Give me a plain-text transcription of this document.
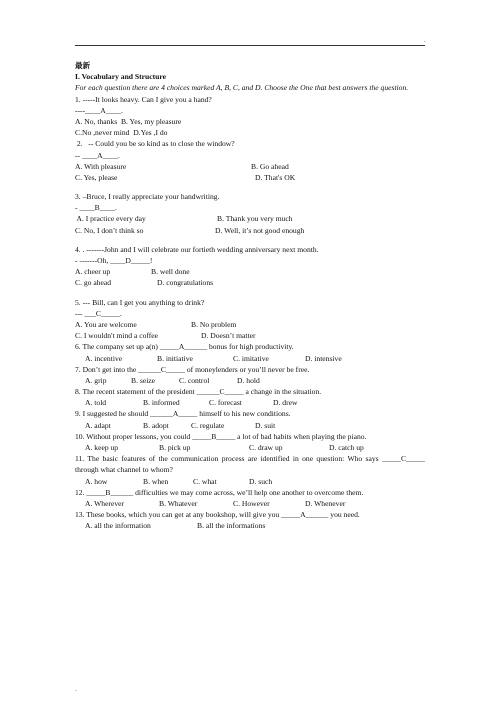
.
最新
I. Vocabulary and Structure
For each question there are 4 choices marked A, B, C, and D. Choose the One that best answers the question.
1. -----It looks heavy. Can I give you a hand?
----____A____.
A. No, thanks  B. Yes, my pleasure
C.No ,never mind  D.Yes ,I do
2.   -- Could you be so kind as to close the window?
-- ____A____.
A. With pleasure	B. Go ahead
C. Yes, please	D. That's OK
3. –Bruce, I really appreciate your handwriting.
- ____B____.
A. I practice every day	B. Thank you very much
C. No, I don’t think so	D. Well, it’s not good enough
4. . -------John and I will celebrate our fortieth wedding anniversary next month.
- -------Oh, ____D_____!
A. cheer up	B. well done
C. go ahead	D. congratulations
5. --- Bill, can I get you anything to drink?
--- ___C_____.
A. You are welcome	B. No problem
C. I wouldn't mind a coffee	D. Doesn’t matter
6. The company set up a(n) _____A______ bonus for high productivity.
A. incentive	B. initiative	C. imitative	D. intensive
7. Don’t get into the ______C_____ of moneylenders or you’ll never be free.
A. grip	B. seize	C. control	D. hold
8. The recent statement of the president ______C_____ a change in the situation.
A. told	B. informed	C. forecast	D. drew
9. I suggested he should ______A_____ himself to his new conditions.
A. adapt	B. adopt	C. regulate	D. suit
10. Without proper lessons, you could _____B_____ a lot of bad habits when playing the piano.
A. keep up	B. pick up	C. draw up	D. catch up
11. The basic features of the communication process are identified in one question: Who says _____C_____ through what channel to whom?
A. how	B. when	C. what	D. such
12. _____B______ difficulties we may come across, we’ll help one another to overcome them.
A. Wherever	B. Whatever	C. However	D. Whenever
13. These books, which you can get at any bookshop, will give you _____A______ you need.
A. all the information	B. all the informations
.
